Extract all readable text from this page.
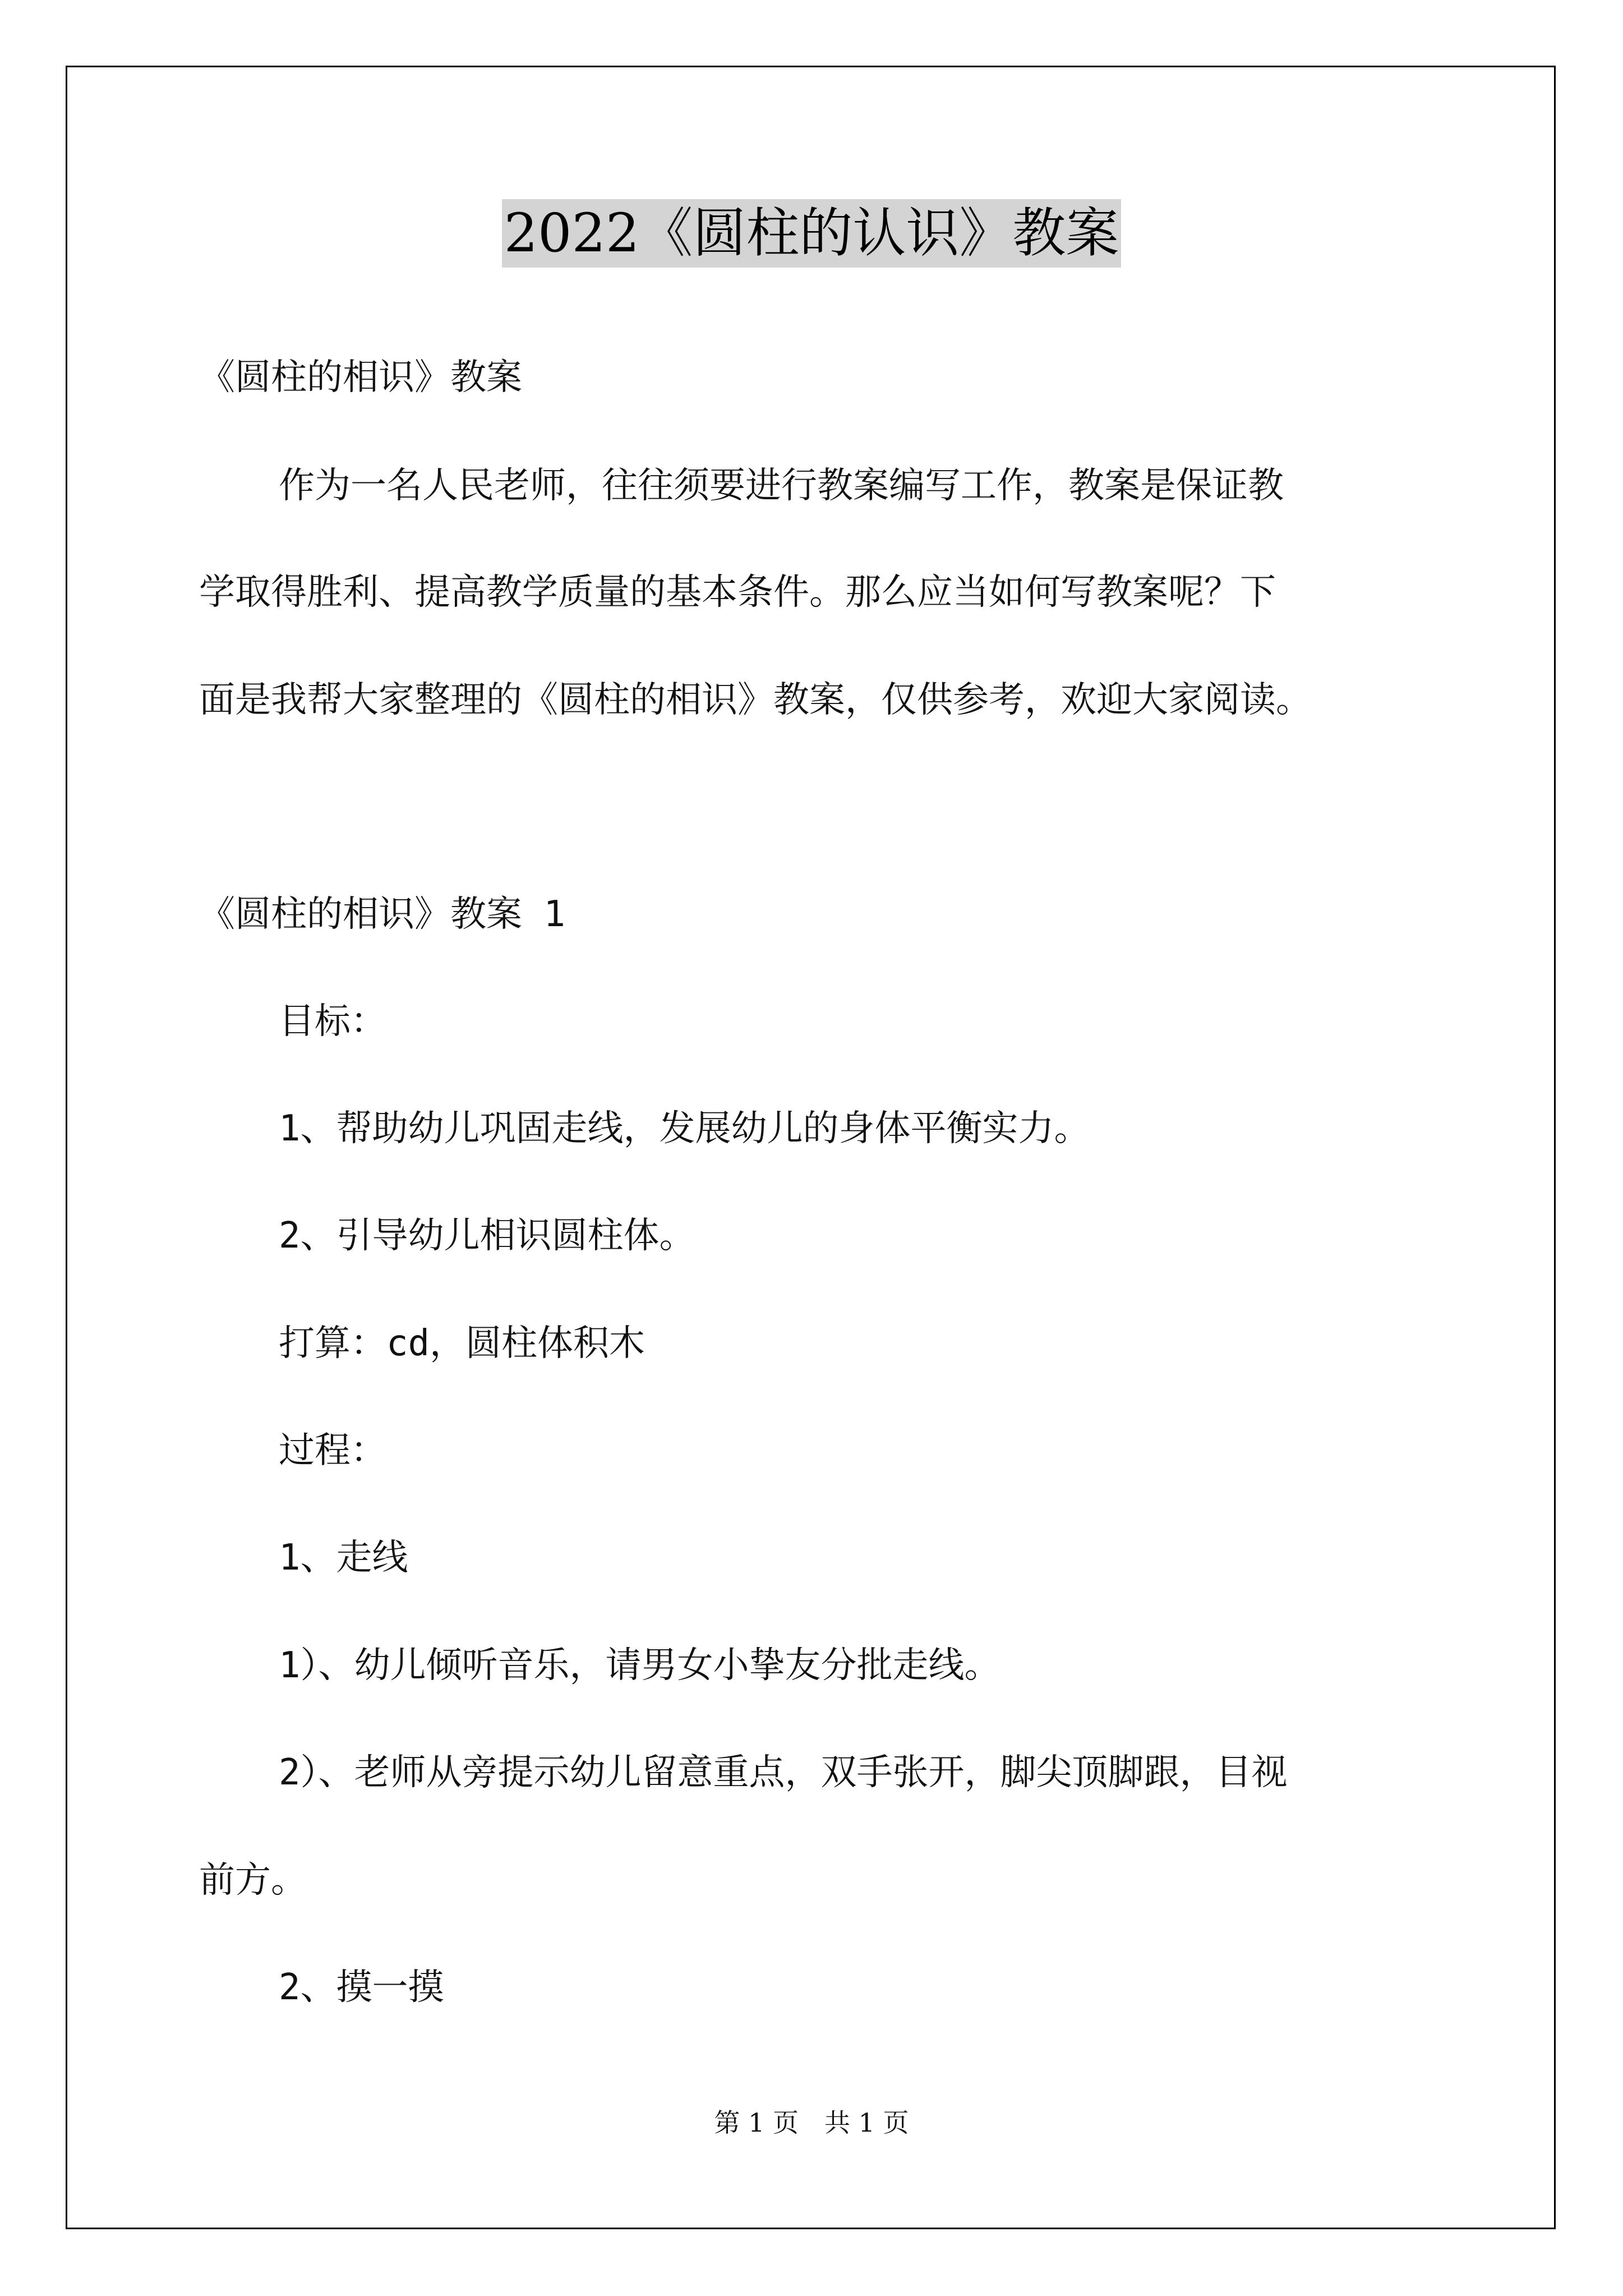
2022《圆柱的认识》教案
《圆柱的相识》教案
作为一名人民老师，往往须要进行教案编写工作，教案是保证教
学取得胜利、提高教学质量的基本条件。那么应当如何写教案呢？下
面是我帮大家整理的《圆柱的相识》教案，仅供参考，欢迎大家阅读。
《圆柱的相识》教案 1
目标：
1、帮助幼儿巩固走线，发展幼儿的身体平衡实力。
2、引导幼儿相识圆柱体。
打算：cd，圆柱体积木
过程：
1、走线
1）、幼儿倾听音乐，请男女小挚友分批走线。
2）、老师从旁提示幼儿留意重点，双手张开，脚尖顶脚跟，目视
前方。
2、摸一摸
第 1 页　共 1 页
